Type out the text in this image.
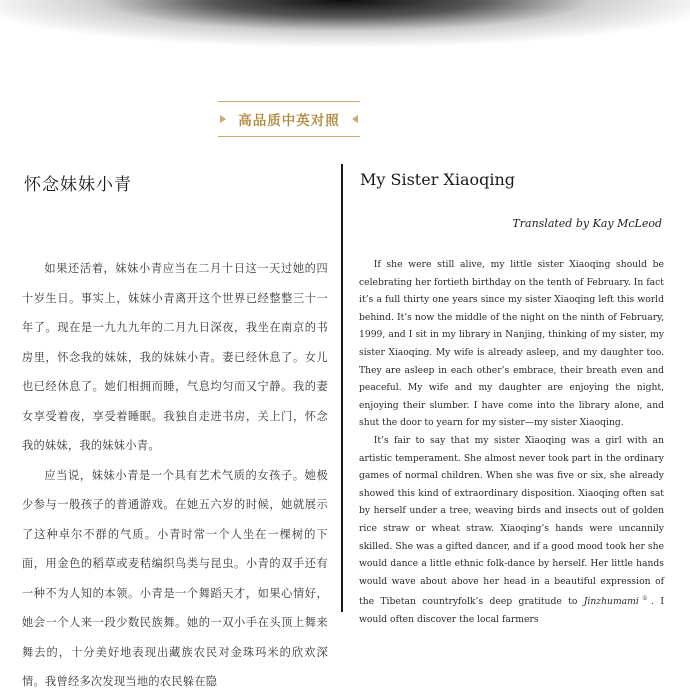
高品质中英对照
怀念妹妹小青

如果还活着，妹妹小青应当在二月十日这一天过她的四十岁生日。事实上，妹妹小青离开这个世界已经整整三十一年了。现在是一九九九年的二月九日深夜，我坐在南京的书房里，怀念我的妹妹，我的妹妹小青。妻已经休息了。女儿也已经休息了。她们相拥而睡，气息均匀而又宁静。我的妻女享受着夜，享受着睡眠。我独自走进书房，关上门，怀念我的妹妹，我的妹妹小青。

应当说，妹妹小青是一个具有艺术气质的女孩子。她极少参与一般孩子的普通游戏。在她五六岁的时候，她就展示了这种卓尔不群的气质。小青时常一个人坐在一棵树的下面，用金色的稻草或麦秸编织鸟类与昆虫。小青的双手还有一种不为人知的本领。小青是一个舞蹈天才，如果心情好，她会一个人来一段少数民族舞。她的一双小手在头顶上舞来舞去的，十分美好地表现出藏族农民对金珠玛米的欣欢深情。我曾经多次发现当地的农民躲在隐

My Sister Xiaoqing
Translated by Kay McLeod

If she were still alive, my little sister Xiaoqing should be celebrating her fortieth birthday on the tenth of February. In fact it’s a full thirty one years since my sister Xiaoqing left this world behind. It’s now the middle of the night on the ninth of February, 1999, and I sit in my library in Nanjing, thinking of my sister, my sister Xiaoqing. My wife is already asleep, and my daughter too. They are asleep in each other’s embrace, their breath even and peaceful. My wife and my daughter are enjoying the night, enjoying their slumber. I have come into the library alone, and shut the door to yearn for my sister—my sister Xiaoqing.

It’s fair to say that my sister Xiaoqing was a girl with an artistic temperament. She almost never took part in the ordinary games of normal children. When she was five or six, she already showed this kind of extraordinary disposition. Xiaoqing often sat by herself under a tree, weaving birds and insects out of golden rice straw or wheat straw. Xiaoqing’s hands were uncannily skilled. She was a gifted dancer, and if a good mood took her she would dance a little ethnic folk-dance by herself. Her little hands would wave about above her head in a beautiful expression of the Tibetan countryfolk’s deep gratitude to Jinzhumami①. I would often discover the local farmers
